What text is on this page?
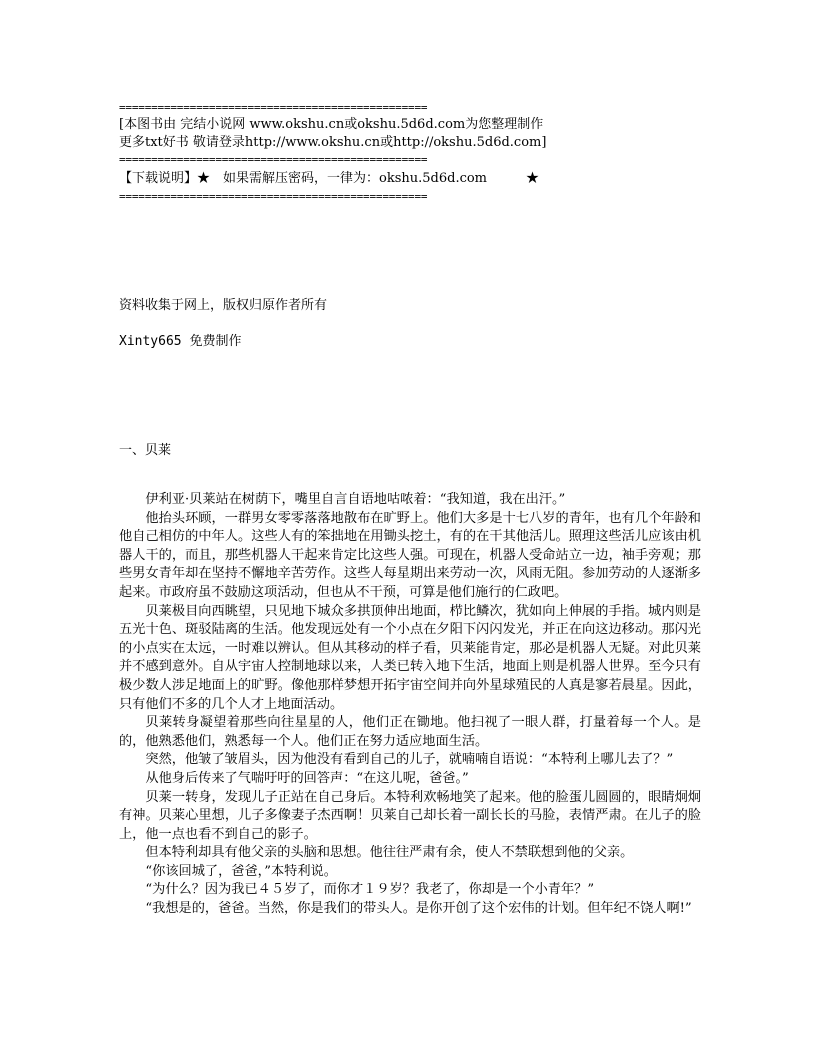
================================================
[本图书由 完结小说网 www.okshu.cn或okshu.5d6d.com为您整理制作
更多txt好书 敬请登录http://www.okshu.cn或http://okshu.5d6d.com]
================================================
【下载说明】★　如果需解压密码，一律为：okshu.5d6d.com　　　★
================================================
资料收集于网上，版权归原作者所有
Xinty665 免费制作
一、贝莱

伊利亚·贝莱站在树荫下，嘴里自言自语地咕哝着：“我知道，我在出汗。”

他抬头环顾，一群男女零零落落地散布在旷野上。他们大多是十七八岁的青年，也有几个年龄和他自己相仿的中年人。这些人有的笨拙地在用锄头挖土，有的在干其他活儿。照理这些活儿应该由机器人干的，而且，那些机器人干起来肯定比这些人强。可现在，机器人受命站立一边，袖手旁观；那些男女青年却在坚持不懈地辛苦劳作。这些人每星期出来劳动一次，风雨无阻。参加劳动的人逐渐多起来。市政府虽不鼓励这项活动，但也从不干预，可算是他们施行的仁政吧。

贝莱极目向西眺望，只见地下城众多拱顶伸出地面，栉比鳞次，犹如向上伸展的手指。城内则是五光十色、斑驳陆离的生活。他发现远处有一个小点在夕阳下闪闪发光，并正在向这边移动。那闪光的小点实在太远，一时难以辨认。但从其移动的样子看，贝莱能肯定，那必是机器人无疑。对此贝莱并不感到意外。自从宇宙人控制地球以来，人类已转入地下生活，地面上则是机器人世界。至今只有极少数人涉足地面上的旷野。像他那样梦想开拓宇宙空间并向外星球殖民的人真是寥若晨星。因此，只有他们不多的几个人才上地面活动。

贝莱转身凝望着那些向往星星的人，他们正在锄地。他扫视了一眼人群，打量着每一个人。是的，他熟悉他们，熟悉每一个人。他们正在努力适应地面生活。

突然，他皱了皱眉头，因为他没有看到自己的儿子，就喃喃自语说：“本特利上哪儿去了？”

从他身后传来了气喘吁吁的回答声：“在这儿呢，爸爸。”

贝莱一转身，发现儿子正站在自己身后。本特利欢畅地笑了起来。他的脸蛋儿圆圆的，眼睛炯炯有神。贝莱心里想，儿子多像妻子杰西啊！贝莱自己却长着一副长长的马脸，表情严肃。在儿子的脸上，他一点也看不到自己的影子。

但本特利却具有他父亲的头脑和思想。他往往严肃有余，使人不禁联想到他的父亲。

“你该回城了，爸爸，”本特利说。

“为什么？因为我已４５岁了，而你才１９岁？我老了，你却是一个小青年？”

“我想是的，爸爸。当然，你是我们的带头人。是你开创了这个宏伟的计划。但年纪不饶人啊!”
